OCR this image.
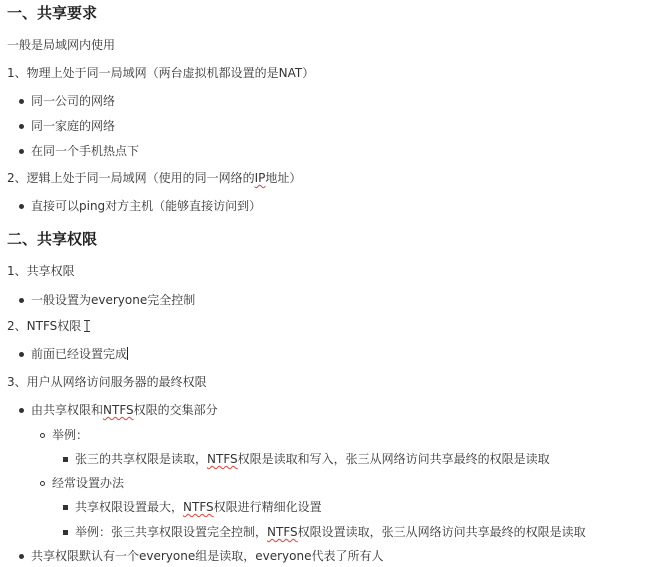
一、共享要求
一般是局域网内使用
1、物理上处于同一局域网（两台虚拟机都设置的是NAT）
同一公司的网络
同一家庭的网络
在同一个手机热点下
2、逻辑上处于同一局域网（使用的同一网络的IP地址）
直接可以ping对方主机（能够直接访问到）
二、共享权限
1、共享权限
一般设置为everyone完全控制
2、NTFS权限
前面已经设置完成
3、用户从网络访问服务器的最终权限
由共享权限和NTFS权限的交集部分
举例：
张三的共享权限是读取，NTFS权限是读取和写入，张三从网络访问共享最终的权限是读取
经常设置办法
共享权限设置最大，NTFS权限进行精细化设置
举例：张三共享权限设置完全控制，NTFS权限设置读取，张三从网络访问共享最终的权限是读取
共享权限默认有一个everyone组是读取，everyone代表了所有人
